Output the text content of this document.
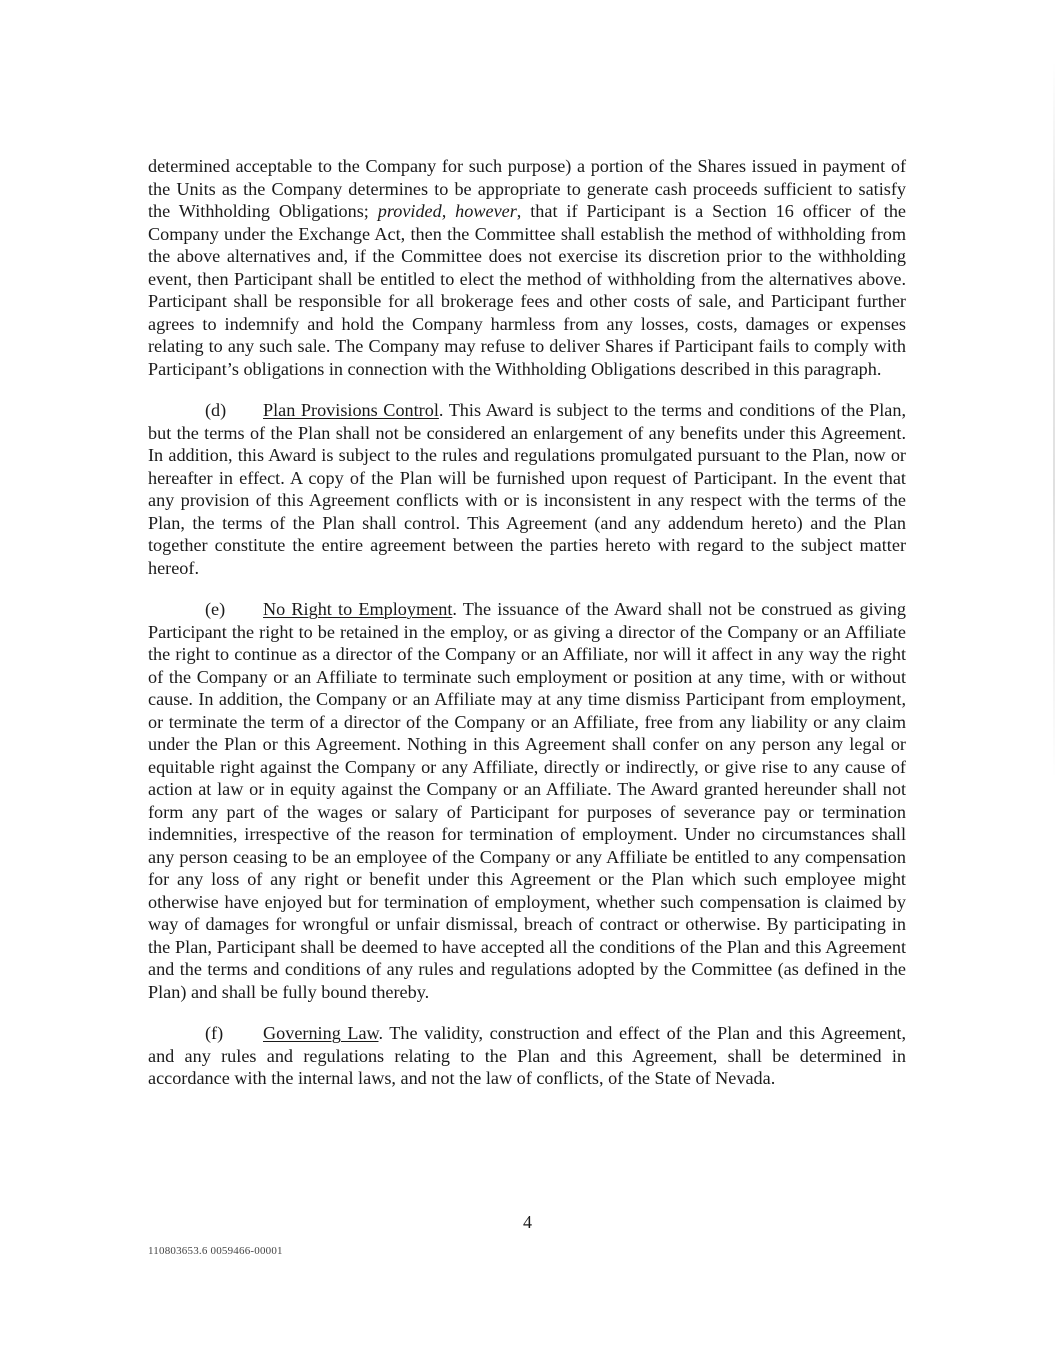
determined acceptable to the Company for such purpose) a portion of the Shares issued in payment of the Units as the Company determines to be appropriate to generate cash proceeds sufficient to satisfy the Withholding Obligations; provided, however, that if Participant is a Section 16 officer of the Company under the Exchange Act, then the Committee shall establish the method of withholding from the above alternatives and, if the Committee does not exercise its discretion prior to the withholding event, then Participant shall be entitled to elect the method of withholding from the alternatives above. Participant shall be responsible for all brokerage fees and other costs of sale, and Participant further agrees to indemnify and hold the Company harmless from any losses, costs, damages or expenses relating to any such sale. The Company may refuse to deliver Shares if Participant fails to comply with Participant’s obligations in connection with the Withholding Obligations described in this paragraph.

(d) Plan Provisions Control. This Award is subject to the terms and conditions of the Plan, but the terms of the Plan shall not be considered an enlargement of any benefits under this Agreement. In addition, this Award is subject to the rules and regulations promulgated pursuant to the Plan, now or hereafter in effect. A copy of the Plan will be furnished upon request of Participant. In the event that any provision of this Agreement conflicts with or is inconsistent in any respect with the terms of the Plan, the terms of the Plan shall control. This Agreement (and any addendum hereto) and the Plan together constitute the entire agreement between the parties hereto with regard to the subject matter hereof.

(e) No Right to Employment. The issuance of the Award shall not be construed as giving Participant the right to be retained in the employ, or as giving a director of the Company or an Affiliate the right to continue as a director of the Company or an Affiliate, nor will it affect in any way the right of the Company or an Affiliate to terminate such employment or position at any time, with or without cause. In addition, the Company or an Affiliate may at any time dismiss Participant from employment, or terminate the term of a director of the Company or an Affiliate, free from any liability or any claim under the Plan or this Agreement. Nothing in this Agreement shall confer on any person any legal or equitable right against the Company or any Affiliate, directly or indirectly, or give rise to any cause of action at law or in equity against the Company or an Affiliate. The Award granted hereunder shall not form any part of the wages or salary of Participant for purposes of severance pay or termination indemnities, irrespective of the reason for termination of employment. Under no circumstances shall any person ceasing to be an employee of the Company or any Affiliate be entitled to any compensation for any loss of any right or benefit under this Agreement or the Plan which such employee might otherwise have enjoyed but for termination of employment, whether such compensation is claimed by way of damages for wrongful or unfair dismissal, breach of contract or otherwise. By participating in the Plan, Participant shall be deemed to have accepted all the conditions of the Plan and this Agreement and the terms and conditions of any rules and regulations adopted by the Committee (as defined in the Plan) and shall be fully bound thereby.

(f) Governing Law. The validity, construction and effect of the Plan and this Agreement, and any rules and regulations relating to the Plan and this Agreement, shall be determined in accordance with the internal laws, and not the law of conflicts, of the State of Nevada.

4
110803653.6 0059466-00001
